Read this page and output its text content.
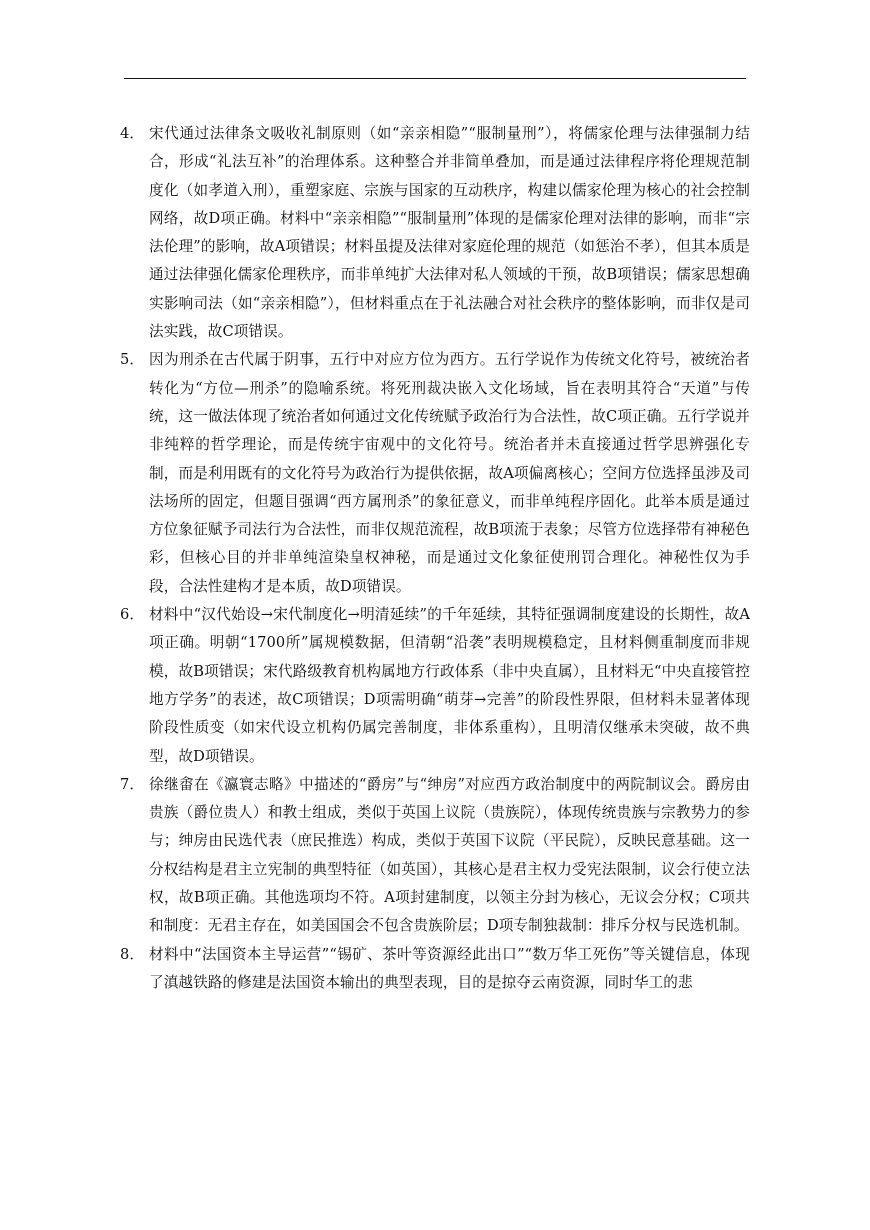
4． 宋代通过法律条文吸收礼制原则（如“亲亲相隐”“服制量刑”），将儒家伦理与法律强制力结合，形成“礼法互补”的治理体系。这种整合并非简单叠加，而是通过法律程序将伦理规范制度化（如孝道入刑），重塑家庭、宗族与国家的互动秩序，构建以儒家伦理为核心的社会控制网络，故D项正确。材料中“亲亲相隐”“服制量刑”体现的是儒家伦理对法律的影响，而非“宗法伦理”的影响，故A项错误；材料虽提及法律对家庭伦理的规范（如惩治不孝），但其本质是通过法律强化儒家伦理秩序，而非单纯扩大法律对私人领域的干预，故B项错误；儒家思想确实影响司法（如“亲亲相隐”），但材料重点在于礼法融合对社会秩序的整体影响，而非仅是司法实践，故C项错误。

5． 因为刑杀在古代属于阴事，五行中对应方位为西方。五行学说作为传统文化符号，被统治者转化为“方位—刑杀”的隐喻系统。将死刑裁决嵌入文化场域，旨在表明其符合“天道”与传统，这一做法体现了统治者如何通过文化传统赋予政治行为合法性，故C项正确。五行学说并非纯粹的哲学理论，而是传统宇宙观中的文化符号。统治者并未直接通过哲学思辨强化专制，而是利用既有的文化符号为政治行为提供依据，故A项偏离核心；空间方位选择虽涉及司法场所的固定，但题目强调“西方属刑杀”的象征意义，而非单纯程序固化。此举本质是通过方位象征赋予司法行为合法性，而非仅规范流程，故B项流于表象；尽管方位选择带有神秘色彩，但核心目的并非单纯渲染皇权神秘，而是通过文化象征使刑罚合理化。神秘性仅为手段，合法性建构才是本质，故D项错误。

6． 材料中“汉代始设→宋代制度化→明清延续”的千年延续，其特征强调制度建设的长期性，故A项正确。明朝“1700所”属规模数据，但清朝“沿袭”表明规模稳定，且材料侧重制度而非规模，故B项错误；宋代路级教育机构属地方行政体系（非中央直属），且材料无“中央直接管控地方学务”的表述，故C项错误；D项需明确“萌芽→完善”的阶段性界限，但材料未显著体现阶段性质变（如宋代设立机构仍属完善制度，非体系重构），且明清仅继承未突破，故不典型，故D项错误。

7． 徐继畬在《瀛寰志略》中描述的“爵房”与“绅房”对应西方政治制度中的两院制议会。爵房由贵族（爵位贵人）和教士组成，类似于英国上议院（贵族院），体现传统贵族与宗教势力的参与；绅房由民选代表（庶民推选）构成，类似于英国下议院（平民院），反映民意基础。这一分权结构是君主立宪制的典型特征（如英国），其核心是君主权力受宪法限制，议会行使立法权，故B项正确。其他选项均不符。A项封建制度，以领主分封为核心，无议会分权；C项共和制度：无君主存在，如美国国会不包含贵族阶层；D项专制独裁制：排斥分权与民选机制。

8． 材料中“法国资本主导运营”“锡矿、茶叶等资源经此出口”“数万华工死伤”等关键信息，体现了滇越铁路的修建是法国资本输出的典型表现，目的是掠夺云南资源，同时华工的悲
